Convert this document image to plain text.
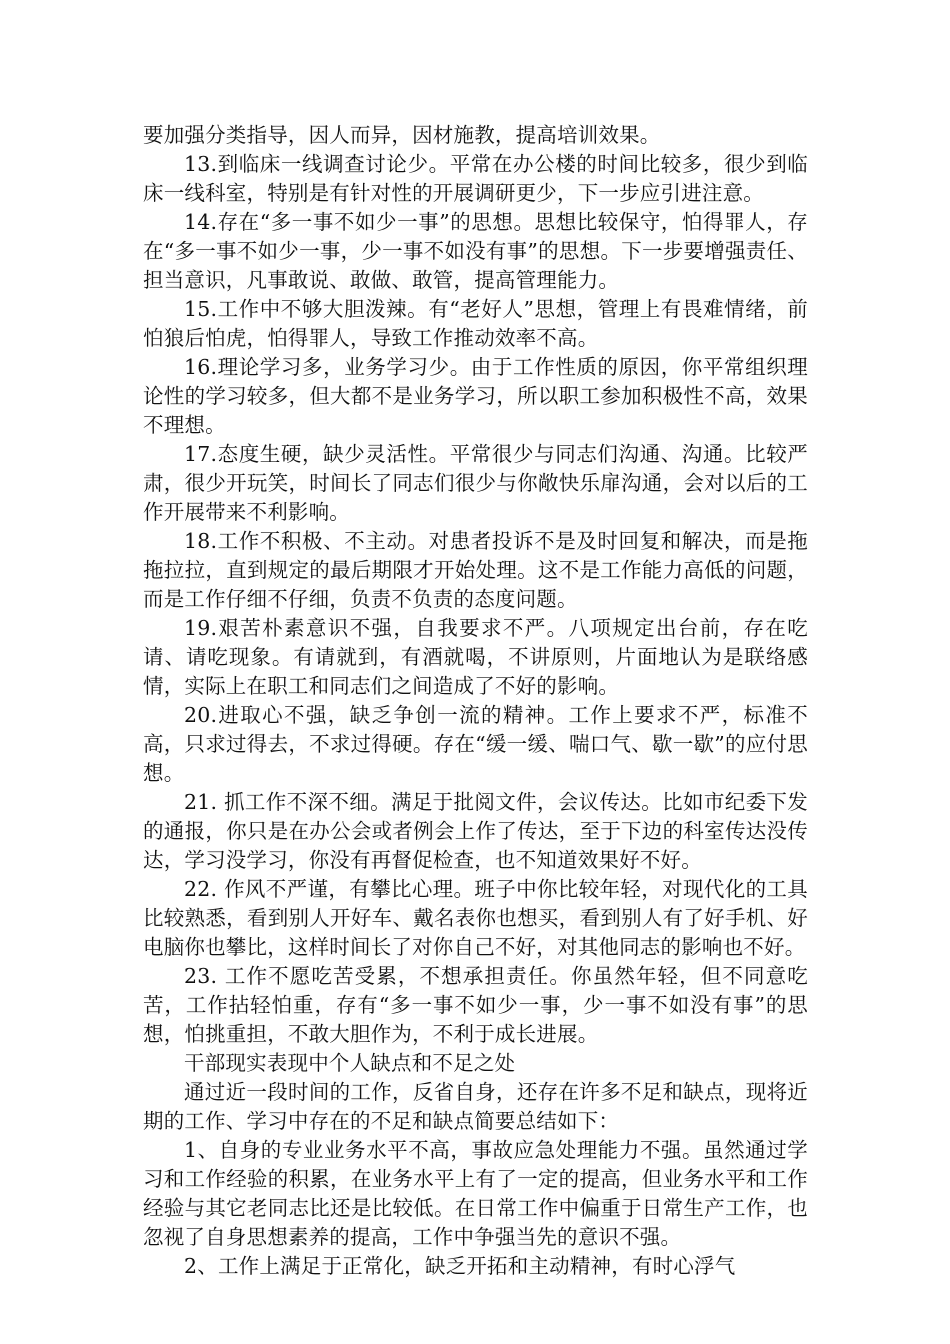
要加强分类指导，因人而异，因材施教，提高培训效果。

13.到临床一线调查讨论少。平常在办公楼的时间比较多，很少到临床一线科室，特别是有针对性的开展调研更少，下一步应引进注意。

14.存在“多一事不如少一事”的思想。思想比较保守，怕得罪人，存在“多一事不如少一事，少一事不如没有事”的思想。下一步要增强责任、担当意识，凡事敢说、敢做、敢管，提高管理能力。

15.工作中不够大胆泼辣。有“老好人”思想，管理上有畏难情绪，前怕狼后怕虎，怕得罪人，导致工作推动效率不高。

16.理论学习多，业务学习少。由于工作性质的原因，你平常组织理论性的学习较多，但大都不是业务学习，所以职工参加积极性不高，效果不理想。

17.态度生硬，缺少灵活性。平常很少与同志们沟通、沟通。比较严肃，很少开玩笑，时间长了同志们很少与你敞快乐扉沟通，会对以后的工作开展带来不利影响。

18.工作不积极、不主动。对患者投诉不是及时回复和解决，而是拖拖拉拉，直到规定的最后期限才开始处理。这不是工作能力高低的问题，而是工作仔细不仔细，负责不负责的态度问题。

19.艰苦朴素意识不强，自我要求不严。八项规定出台前，存在吃请、请吃现象。有请就到，有酒就喝，不讲原则，片面地认为是联络感情，实际上在职工和同志们之间造成了不好的影响。

20.进取心不强，缺乏争创一流的精神。工作上要求不严，标准不高，只求过得去，不求过得硬。存在“缓一缓、喘口气、歇一歇”的应付思想。

21. 抓工作不深不细。满足于批阅文件，会议传达。比如市纪委下发的通报，你只是在办公会或者例会上作了传达，至于下边的科室传达没传达，学习没学习，你没有再督促检查，也不知道效果好不好。

22. 作风不严谨，有攀比心理。班子中你比较年轻，对现代化的工具比较熟悉，看到别人开好车、戴名表你也想买，看到别人有了好手机、好电脑你也攀比，这样时间长了对你自己不好，对其他同志的影响也不好。

23. 工作不愿吃苦受累，不想承担责任。你虽然年轻，但不同意吃苦，工作拈轻怕重，存有“多一事不如少一事，少一事不如没有事”的思想，怕挑重担，不敢大胆作为，不利于成长进展。

干部现实表现中个人缺点和不足之处

通过近一段时间的工作，反省自身，还存在许多不足和缺点，现将近期的工作、学习中存在的不足和缺点简要总结如下：

1、自身的专业业务水平不高，事故应急处理能力不强。虽然通过学习和工作经验的积累，在业务水平上有了一定的提高，但业务水平和工作经验与其它老同志比还是比较低。在日常工作中偏重于日常生产工作，也忽视了自身思想素养的提高，工作中争强当先的意识不强。

2、工作上满足于正常化，缺乏开拓和主动精神，有时心浮气
